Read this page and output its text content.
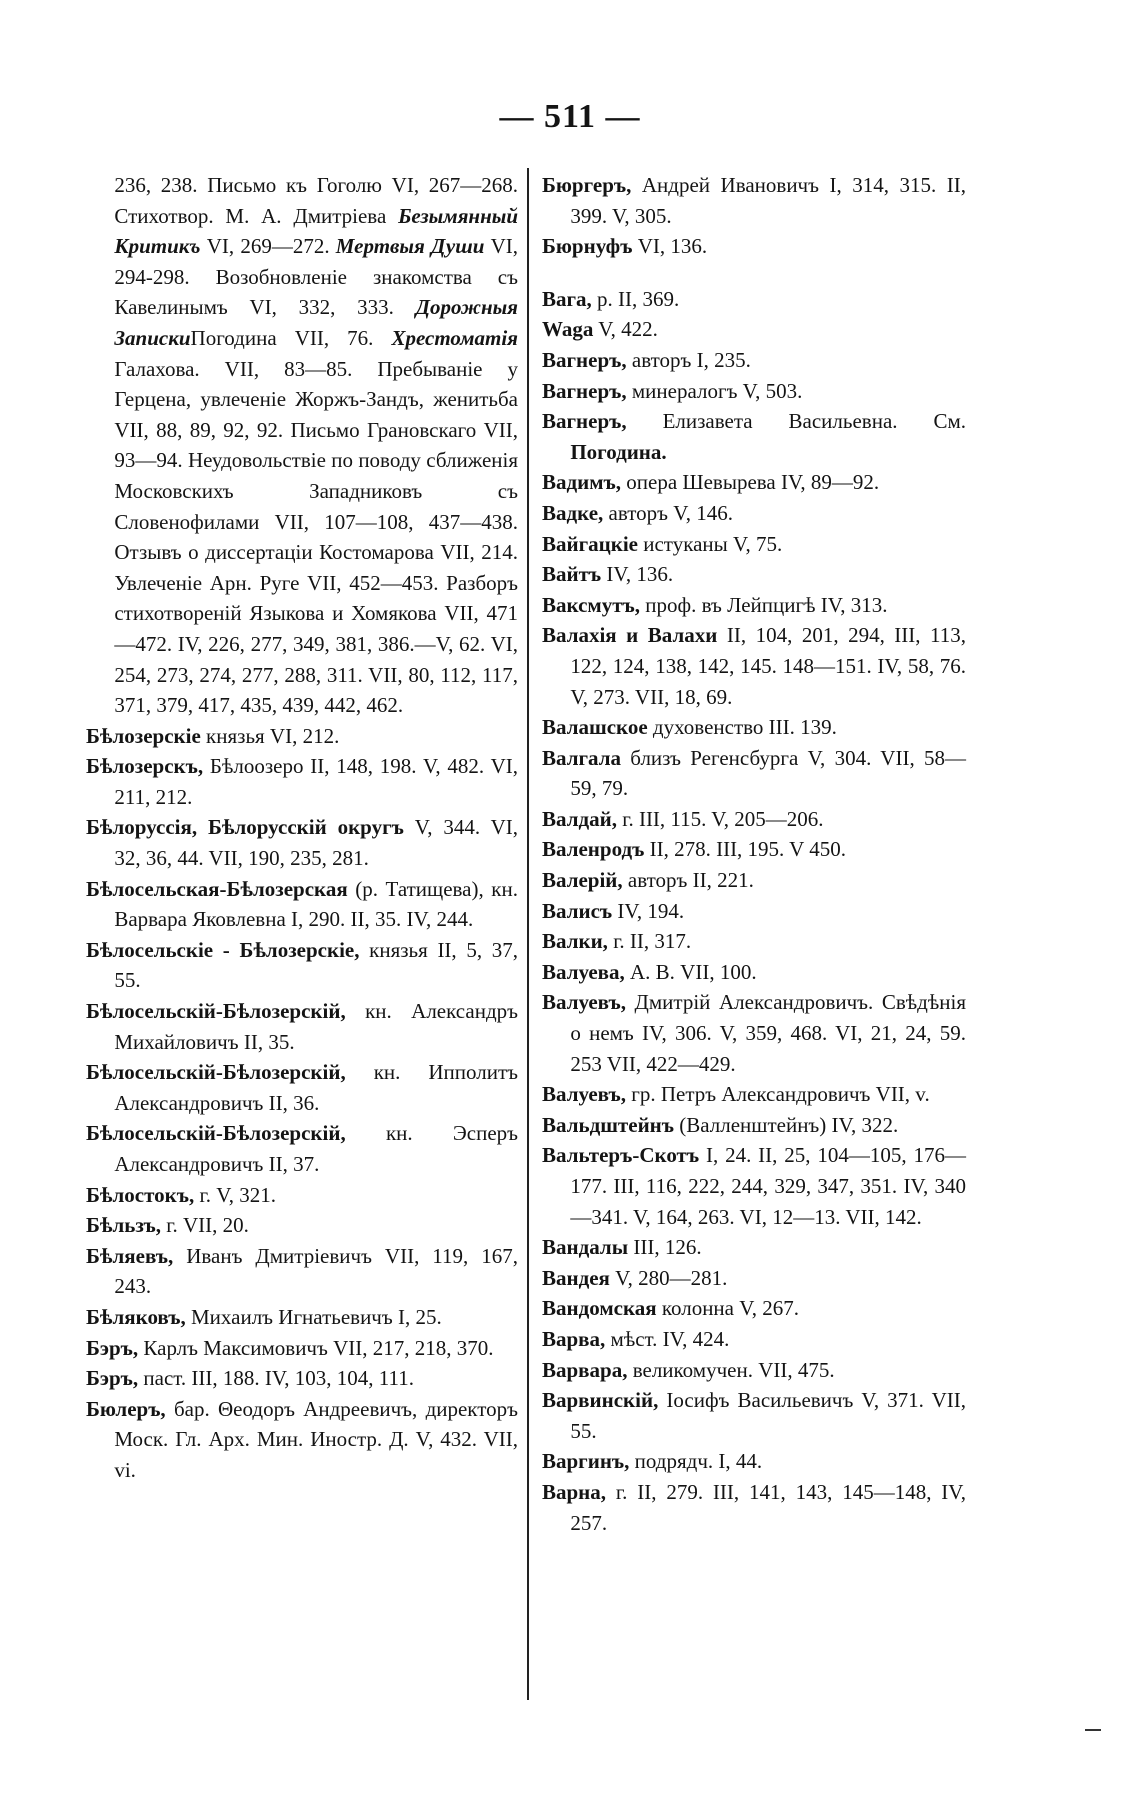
— 511 —
236, 238. Письмо къ Гоголю VI, 267—268. Стихотвор. М. А. Дмитріева Безымянный Критикъ VI, 269—272. Мертвыя Души VI, 294-298. Возобновленіе знакомства съ Кавелинымъ VI, 332, 333. Дорожныя ЗапискиПогодина VII, 76. Хрестоматія Галахова. VII, 83—85. Пребываніе у Герцена, увлеченіе Жоржъ-Зандъ, женитьба VII, 88, 89, 92, 92. Письмо Грановскаго VII, 93—94. Неудовольствіе по поводу сближенія Московскихъ Западниковъ съ Словенофилами VII, 107—108, 437—438. Отзывъ о диссертаціи Костомарова VII, 214. Увлеченіе Арн. Руге VII, 452—453. Разборъ стихотвореній Языкова и Хомякова VII, 471—472. IV, 226, 277, 349, 381, 386.—V, 62. VI, 254, 273, 274, 277, 288, 311. VII, 80, 112, 117, 371, 379, 417, 435, 439, 442, 462.
Бѣлозерскіе князья VI, 212.
Бѣлозерскъ, Бѣлоозеро II, 148, 198. V, 482. VI, 211, 212.
Бѣлоруссія, Бѣлорусскій округъ V, 344. VI, 32, 36, 44. VII, 190, 235, 281.
Бѣлосельская-Бѣлозерская (р. Татищева), кн. Варвара Яковлевна I, 290. II, 35. IV, 244.
Бѣлосельскіе - Бѣлозерскіе, князья II, 5, 37, 55.
Бѣлосельскій-Бѣлозерскій, кн. Александръ Михайловичъ II, 35.
Бѣлосельскій-Бѣлозерскій, кн. Ипполитъ Александровичъ II, 36.
Бѣлосельскій-Бѣлозерскій, кн. Эсперъ Александровичъ II, 37.
Бѣлостокъ, г. V, 321.
Бѣльзъ, г. VII, 20.
Бѣляевъ, Иванъ Дмитріевичъ VII, 119, 167, 243.
Бѣляковъ, Михаилъ Игнатьевичъ I, 25.
Бэръ, Карлъ Максимовичъ VII, 217, 218, 370.
Бэръ, паст. III, 188. IV, 103, 104, 111.
Бюлеръ, бар. Θеодоръ Андреевичъ, директоръ Моск. Гл. Арх. Мин. Иностр. Д. V, 432. VII, vi.
Бюргеръ, Андрей Ивановичъ I, 314, 315. II, 399. V, 305.
Бюрнуфъ VI, 136.
Вага, р. II, 369.
Waga V, 422.
Вагнеръ, авторъ I, 235.
Вагнеръ, минералогъ V, 503.
Вагнеръ, Елизавета Васильевна. См. Погодина.
Вадимъ, опера Шевырева IV, 89—92.
Вадке, авторъ V, 146.
Вайгацкіе истуканы V, 75.
Вайтъ IV, 136.
Ваксмутъ, проф. въ Лейпцигѣ IV, 313.
Валахія и Валахи II, 104, 201, 294, III, 113, 122, 124, 138, 142, 145. 148—151. IV, 58, 76. V, 273. VII, 18, 69.
Валашское духовенство III. 139.
Валгала близъ Регенсбурга V, 304. VII, 58—59, 79.
Валдай, г. III, 115. V, 205—206.
Валенродъ II, 278. III, 195. V 450.
Валерій, авторъ II, 221.
Валисъ IV, 194.
Валки, г. II, 317.
Валуева, А. В. VII, 100.
Валуевъ, Дмитрій Александровичъ. Свѣдѣнія о немъ IV, 306. V, 359, 468. VI, 21, 24, 59. 253 VII, 422—429.
Валуевъ, гр. Петръ Александровичъ VII, v.
Вальдштейнъ (Валленштейнъ) IV, 322.
Вальтеръ-Скотъ I, 24. II, 25, 104—105, 176—177. III, 116, 222, 244, 329, 347, 351. IV, 340—341. V, 164, 263. VI, 12—13. VII, 142.
Вандалы III, 126.
Вандея V, 280—281.
Вандомская колонна V, 267.
Варва, мѣст. IV, 424.
Варвара, великомучен. VII, 475.
Варвинскій, Іосифъ Васильевичъ V, 371. VII, 55.
Варгинъ, подрядч. I, 44.
Варна, г. II, 279. III, 141, 143, 145—148, IV, 257.
